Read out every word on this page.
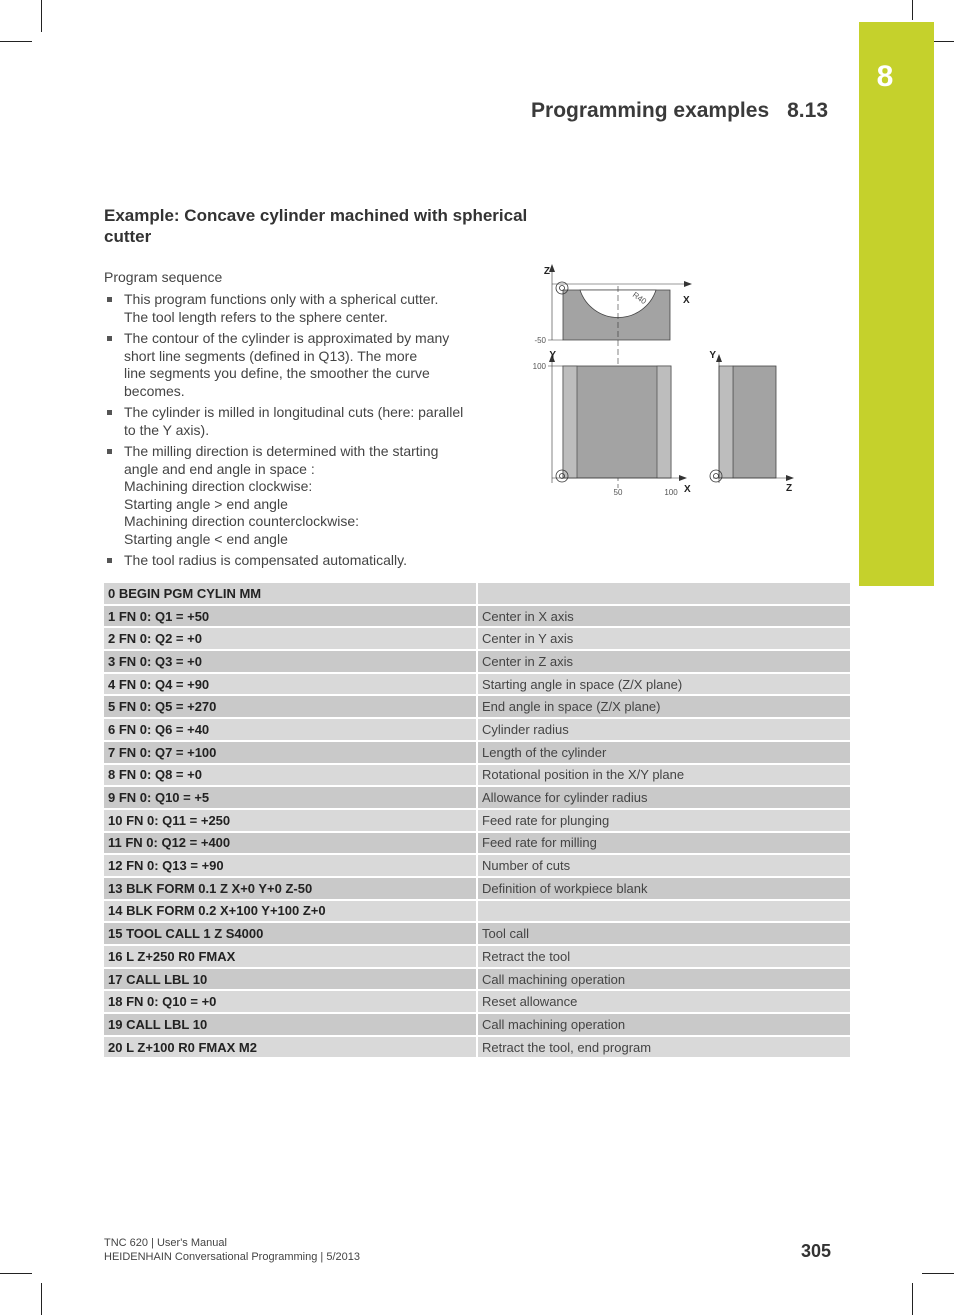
8
Programming examples 8.13
Example: Concave cylinder machined with spherical cutter
Program sequence
This program functions only with a spherical cutter.
The tool length refers to the sphere center.
The contour of the cylinder is approximated by many
short line segments (defined in Q13). The more
line segments you define, the smoother the curve
becomes.
The cylinder is milled in longitudinal cuts (here: parallel
to the Y axis).
The milling direction is determined with the starting
angle and end angle in space :
Machining direction clockwise:
Starting angle > end angle
Machining direction counterclockwise:
Starting angle < end angle
The tool radius is compensated automatically.
Z
X
R40
-50
Y
100
X
50	100
Y
Z
0 BEGIN PGM CYLIN MM	
1 FN 0: Q1 = +50	Center in X axis
2 FN 0: Q2 = +0	Center in Y axis
3 FN 0: Q3 = +0	Center in Z axis
4 FN 0: Q4 = +90	Starting angle in space (Z/X plane)
5 FN 0: Q5 = +270	End angle in space (Z/X plane)
6 FN 0: Q6 = +40	Cylinder radius
7 FN 0: Q7 = +100	Length of the cylinder
8 FN 0: Q8 = +0	Rotational position in the X/Y plane
9 FN 0: Q10 = +5	Allowance for cylinder radius
10 FN 0: Q11 = +250	Feed rate for plunging
11 FN 0: Q12 = +400	Feed rate for milling
12 FN 0: Q13 = +90	Number of cuts
13 BLK FORM 0.1 Z X+0 Y+0 Z-50	Definition of workpiece blank
14 BLK FORM 0.2 X+100 Y+100 Z+0	
15 TOOL CALL 1 Z S4000	Tool call
16 L Z+250 R0 FMAX	Retract the tool
17 CALL LBL 10	Call machining operation
18 FN 0: Q10 = +0	Reset allowance
19 CALL LBL 10	Call machining operation
20 L Z+100 R0 FMAX M2	Retract the tool, end program
TNC 620 | User's Manual
HEIDENHAIN Conversational Programming | 5/2013	305
